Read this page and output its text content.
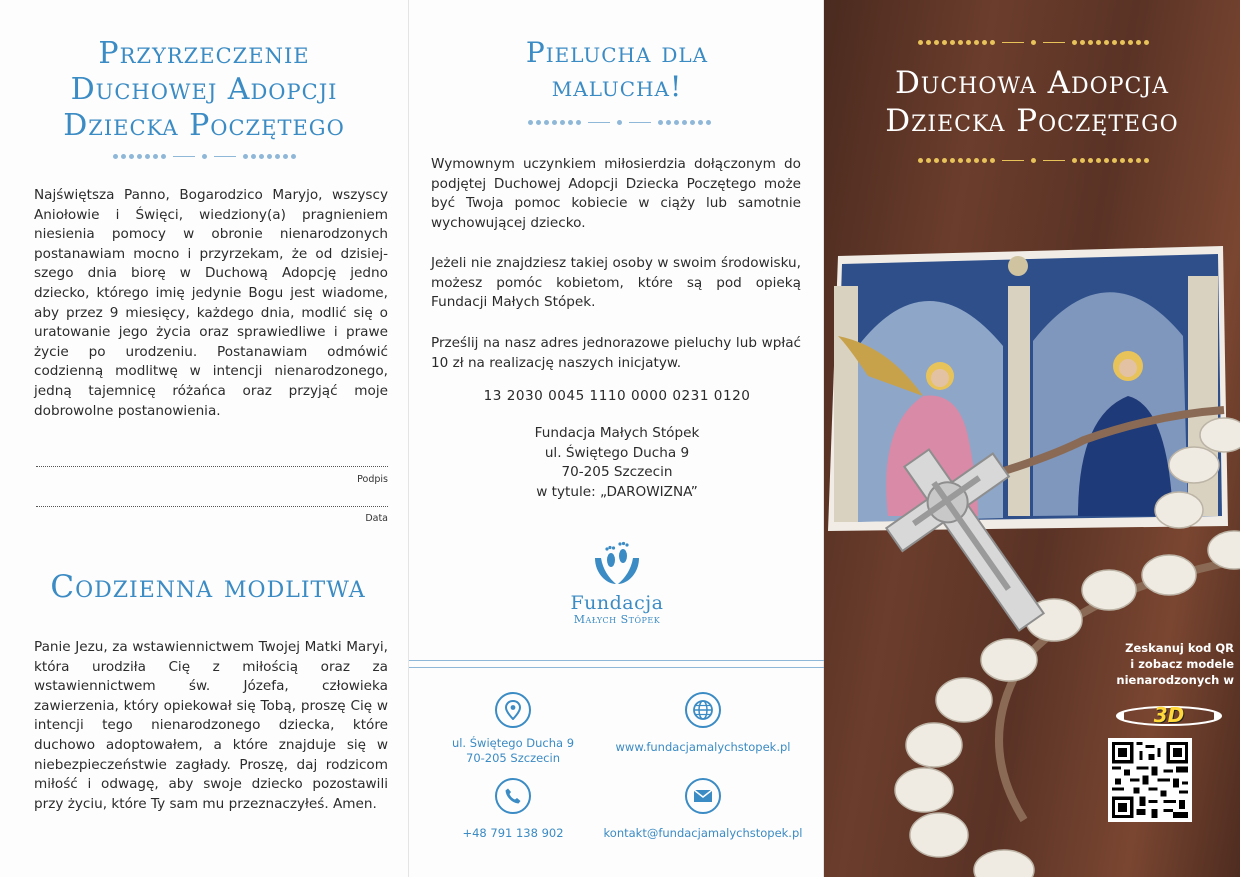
Przyrzeczenie
Duchowej Adopcji
Dziecka Poczętego

Najświętsza Panno, Bogarodzico Maryjo, wszyscy Aniołowie i Święci, wiedziony(a) pragnieniem niesienia pomocy w obronie nienarodzonych postanawiam mocno i przyrzekam, że od dzisiej-szego dnia biorę w Duchową Adopcję jedno dziecko, którego imię jedynie Bogu jest wiadome, aby przez 9 miesięcy, każdego dnia, modlić się o uratowanie jego życia oraz sprawiedliwe i prawe życie po urodzeniu. Postanawiam odmówić codzienną modlitwę w intencji nienarodzonego, jedną tajemnicę różańca oraz przyjąć moje dobrowolne postanowienia.

Podpis
Data
Codzienna modlitwa

Panie Jezu, za wstawiennictwem Twojej Matki Maryi, która urodziła Cię z miłością oraz za wstawiennictwem św. Józefa, człowieka zawierzenia, który opiekował się Tobą, proszę Cię w intencji tego nienarodzonego dziecka, które duchowo adoptowałem, a które znajduje się w niebezpieczeństwie zagłady. Proszę, daj rodzicom miłość i odwagę, aby swoje dziecko pozostawili przy życiu, które Ty sam mu przeznaczyłeś. Amen.

Pielucha dla
malucha!

Wymownym uczynkiem miłosierdzia dołączonym do podjętej Duchowej Adopcji Dziecka Poczętego może być Twoja pomoc kobiecie w ciąży lub samotnie wychowującej dziecko.

Jeżeli nie znajdziesz takiej osoby w swoim środowisku, możesz pomóc kobietom, które są pod opieką Fundacji Małych Stópek.

Prześlij na nasz adres jednorazowe pieluchy lub wpłać 10 zł na realizację naszych inicjatyw.

13 2030 0045 1110 0000 0231 0120
Fundacja Małych Stópek
ul. Świętego Ducha 9
70-205 Szczecin
w tytule: „DAROWIZNA”
Fundacja
Małych Stópek
ul. Świętego Ducha 9
70-205 Szczecin
www.fundacjamalychstopek.pl
+48 791 138 902	kontakt@fundacjamalychstopek.pl
Duchowa Adopcja
Dziecka Poczętego
Zeskanuj kod QR
i zobacz modele
nienarodzonych w
3D
